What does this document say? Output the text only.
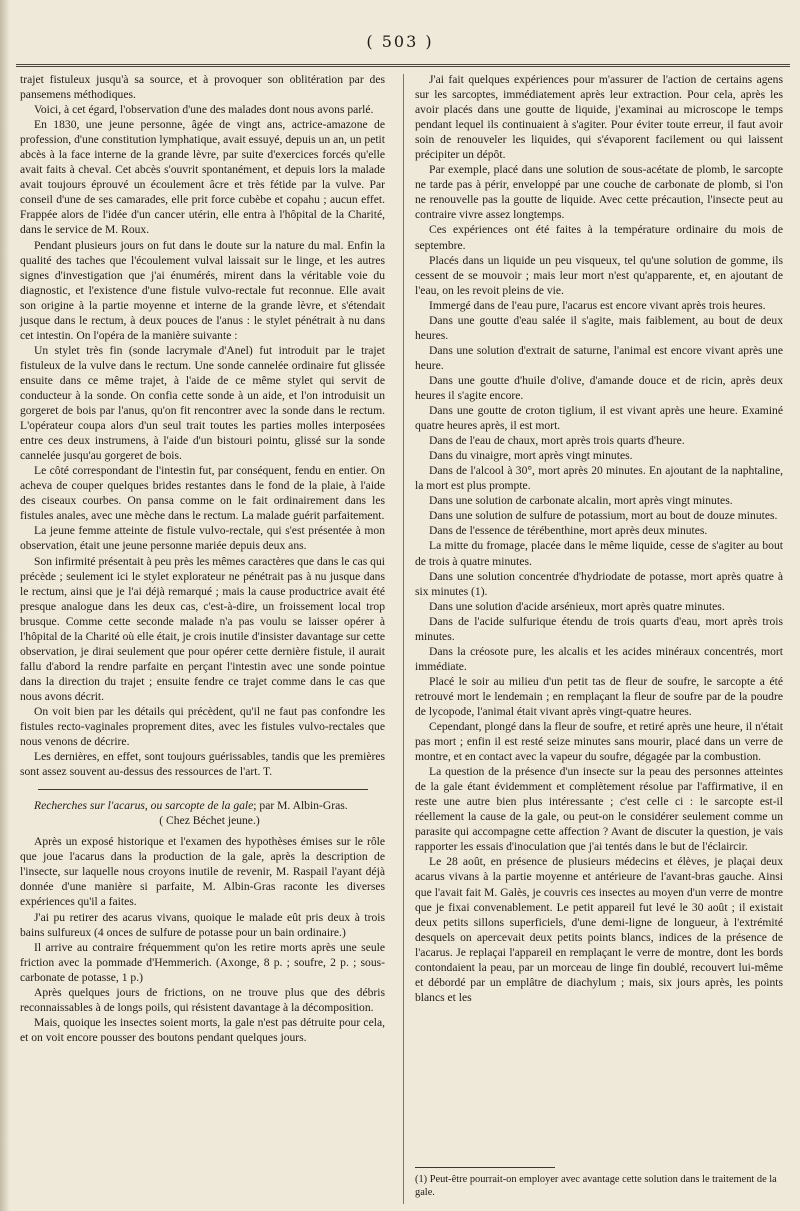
( 503 )

trajet fistuleux jusqu'à sa source, et à provoquer son oblitération par des pansemens méthodiques.

Voici, à cet égard, l'observation d'une des malades dont nous avons parlé.

En 1830, une jeune personne, âgée de vingt ans, actrice-amazone de profession, d'une constitution lymphatique, avait essuyé, depuis un an, un petit abcès à la face interne de la grande lèvre, par suite d'exercices forcés qu'elle avait faits à cheval. Cet abcès s'ouvrit spontanément, et depuis lors la malade avait toujours éprouvé un écoulement âcre et très fétide par la vulve. Par conseil d'une de ses camarades, elle prit force cubèbe et copahu ; aucun effet. Frappée alors de l'idée d'un cancer utérin, elle entra à l'hôpital de la Charité, dans le service de M. Roux.

Pendant plusieurs jours on fut dans le doute sur la nature du mal. Enfin la qualité des taches que l'écoulement vulval laissait sur le linge, et les autres signes d'investigation que j'ai énumérés, mirent dans la véritable voie du diagnostic, et l'existence d'une fistule vulvo-rectale fut reconnue. Elle avait son origine à la partie moyenne et interne de la grande lèvre, et s'étendait jusque dans le rectum, à deux pouces de l'anus : le stylet pénétrait à nu dans cet intestin. On l'opéra de la manière suivante :

Un stylet très fin (sonde lacrymale d'Anel) fut introduit par le trajet fistuleux de la vulve dans le rectum. Une sonde cannelée ordinaire fut glissée ensuite dans ce même trajet, à l'aide de ce même stylet qui servit de conducteur à la sonde. On confia cette sonde à un aide, et l'on introduisit un gorgeret de bois par l'anus, qu'on fit rencontrer avec la sonde dans le rectum. L'opérateur coupa alors d'un seul trait toutes les parties molles interposées entre ces deux instrumens, à l'aide d'un bistouri pointu, glissé sur la sonde cannelée jusqu'au gorgeret de bois.

Le côté correspondant de l'intestin fut, par conséquent, fendu en entier. On acheva de couper quelques brides restantes dans le fond de la plaie, à l'aide des ciseaux courbes. On pansa comme on le fait ordinairement dans les fistules anales, avec une mèche dans le rectum. La malade guérit parfaitement.

La jeune femme atteinte de fistule vulvo-rectale, qui s'est présentée à mon observation, était une jeune personne mariée depuis deux ans.

Son infirmité présentait à peu près les mêmes caractères que dans le cas qui précède ; seulement ici le stylet explorateur ne pénétrait pas à nu jusque dans le rectum, ainsi que je l'ai déjà remarqué ; mais la cause productrice avait été presque analogue dans les deux cas, c'est-à-dire, un froissement local trop brusque. Comme cette seconde malade n'a pas voulu se laisser opérer à l'hôpital de la Charité où elle était, je crois inutile d'insister davantage sur cette observation, je dirai seulement que pour opérer cette dernière fistule, il aurait fallu d'abord la rendre parfaite en perçant l'intestin avec une sonde pointue dans la direction du trajet ; ensuite fendre ce trajet comme dans le cas que nous avons décrit.

On voit bien par les détails qui précèdent, qu'il ne faut pas confondre les fistules recto-vaginales proprement dites, avec les fistules vulvo-rectales que nous venons de décrire.

Les dernières, en effet, sont toujours guérissables, tandis que les premières sont assez souvent au-dessus des ressources de l'art. T.

Recherches sur l'acarus, ou sarcopte de la gale; par M. Albin-Gras.

( Chez Béchet jeune.)

Après un exposé historique et l'examen des hypothèses émises sur le rôle que joue l'acarus dans la production de la gale, après la description de l'insecte, sur laquelle nous croyons inutile de revenir, M. Raspail l'ayant déjà donnée d'une manière si parfaite, M. Albin-Gras raconte les diverses expériences qu'il a faites.

J'ai pu retirer des acarus vivans, quoique le malade eût pris deux à trois bains sulfureux (4 onces de sulfure de potasse pour un bain ordinaire.)

Il arrive au contraire fréquemment qu'on les retire morts après une seule friction avec la pommade d'Hemmerich. (Axonge, 8 p. ; soufre, 2 p. ; sous-carbonate de potasse, 1 p.)

Après quelques jours de frictions, on ne trouve plus que des débris reconnaissables à de longs poils, qui résistent davantage à la décomposition.

Mais, quoique les insectes soient morts, la gale n'est pas détruite pour cela, et on voit encore pousser des boutons pendant quelques jours.

J'ai fait quelques expériences pour m'assurer de l'action de certains agens sur les sarcoptes, immédiatement après leur extraction. Pour cela, après les avoir placés dans une goutte de liquide, j'examinai au microscope le temps pendant lequel ils continuaient à s'agiter. Pour éviter toute erreur, il faut avoir soin de renouveler les liquides, qui s'évaporent facilement ou qui laissent précipiter un dépôt.

Par exemple, placé dans une solution de sous-acétate de plomb, le sarcopte ne tarde pas à périr, enveloppé par une couche de carbonate de plomb, si l'on ne renouvelle pas la goutte de liquide. Avec cette précaution, l'insecte peut au contraire vivre assez longtemps.

Ces expériences ont été faites à la température ordinaire du mois de septembre.

Placés dans un liquide un peu visqueux, tel qu'une solution de gomme, ils cessent de se mouvoir ; mais leur mort n'est qu'apparente, et, en ajoutant de l'eau, on les revoit pleins de vie.

Immergé dans de l'eau pure, l'acarus est encore vivant après trois heures.

Dans une goutte d'eau salée il s'agite, mais faiblement, au bout de deux heures.

Dans une solution d'extrait de saturne, l'animal est encore vivant après une heure.

Dans une goutte d'huile d'olive, d'amande douce et de ricin, après deux heures il s'agite encore.

Dans une goutte de croton tiglium, il est vivant après une heure. Examiné quatre heures après, il est mort.

Dans de l'eau de chaux, mort après trois quarts d'heure.

Dans du vinaigre, mort après vingt minutes.

Dans de l'alcool à 30°, mort après 20 minutes. En ajoutant de la naphtaline, la mort est plus prompte.

Dans une solution de carbonate alcalin, mort après vingt minutes.

Dans une solution de sulfure de potassium, mort au bout de douze minutes.

Dans de l'essence de térébenthine, mort après deux minutes.

La mitte du fromage, placée dans le même liquide, cesse de s'agiter au bout de trois à quatre minutes.

Dans une solution concentrée d'hydriodate de potasse, mort après quatre à six minutes (1).

Dans une solution d'acide arsénieux, mort après quatre minutes.

Dans de l'acide sulfurique étendu de trois quarts d'eau, mort après trois minutes.

Dans la créosote pure, les alcalis et les acides minéraux concentrés, mort immédiate.

Placé le soir au milieu d'un petit tas de fleur de soufre, le sarcopte a été retrouvé mort le lendemain ; en remplaçant la fleur de soufre par de la poudre de lycopode, l'animal était vivant après vingt-quatre heures.

Cependant, plongé dans la fleur de soufre, et retiré après une heure, il n'était pas mort ; enfin il est resté seize minutes sans mourir, placé dans un verre de montre, et en contact avec la vapeur du soufre, dégagée par la combustion.

La question de la présence d'un insecte sur la peau des personnes atteintes de la gale étant évidemment et complètement résolue par l'affirmative, il en reste une autre bien plus intéressante ; c'est celle ci : le sarcopte est-il réellement la cause de la gale, ou peut-on le considérer seulement comme un parasite qui accompagne cette affection ? Avant de discuter la question, je vais rapporter les essais d'inoculation que j'ai tentés dans le but de l'éclaircir.

Le 28 août, en présence de plusieurs médecins et élèves, je plaçai deux acarus vivans à la partie moyenne et antérieure de l'avant-bras gauche. Ainsi que l'avait fait M. Galès, je couvris ces insectes au moyen d'un verre de montre que je fixai convenablement. Le petit appareil fut levé le 30 août ; il existait deux petits sillons superficiels, d'une demi-ligne de longueur, à l'extrémité desquels on apercevait deux petits points blancs, indices de la présence de l'acarus. Je replaçai l'appareil en remplaçant le verre de montre, dont les bords contondaient la peau, par un morceau de linge fin doublé, recouvert lui-même et débordé par un emplâtre de diachylum ; mais, six jours après, les points blancs et les

(1) Peut-être pourrait-on employer avec avantage cette solution dans le traitement de la gale.
